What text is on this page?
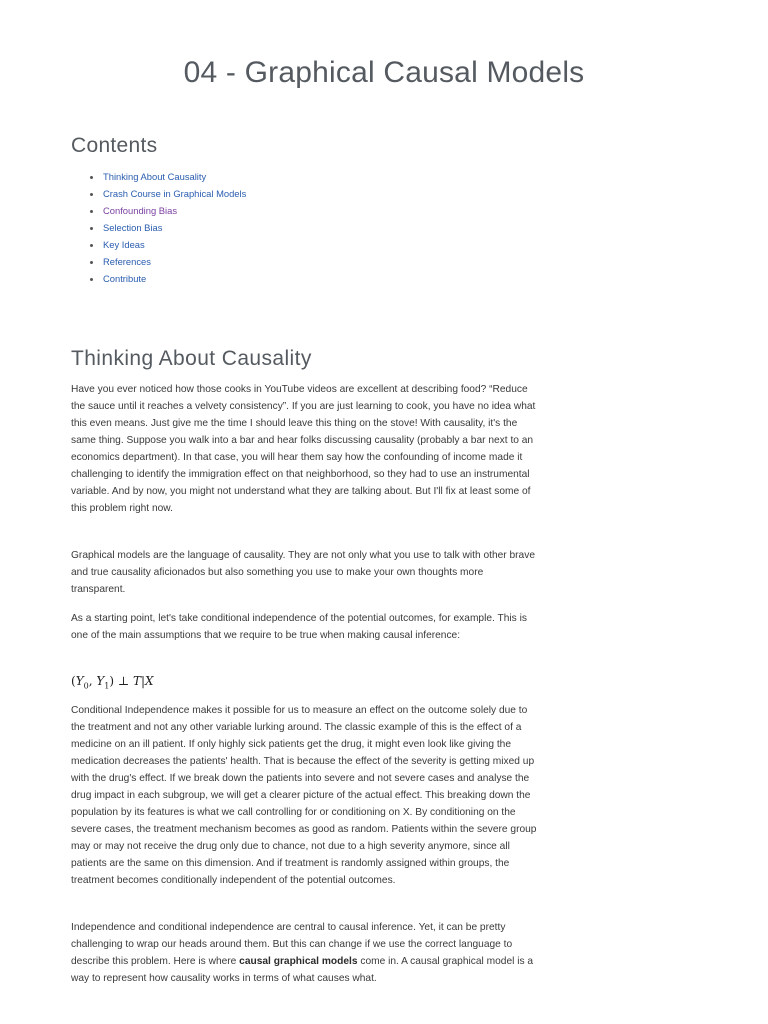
04 - Graphical Causal Models
Contents
Thinking About Causality
Crash Course in Graphical Models
Confounding Bias
Selection Bias
Key Ideas
References
Contribute
Thinking About Causality

Have you ever noticed how those cooks in YouTube videos are excellent at describing food? “Reduce the sauce until it reaches a velvety consistency”. If you are just learning to cook, you have no idea what this even means. Just give me the time I should leave this thing on the stove! With causality, it's the same thing. Suppose you walk into a bar and hear folks discussing causality (probably a bar next to an economics department). In that case, you will hear them say how the confounding of income made it challenging to identify the immigration effect on that neighborhood, so they had to use an instrumental variable. And by now, you might not understand what they are talking about. But I'll fix at least some of this problem right now.

Graphical models are the language of causality. They are not only what you use to talk with other brave and true causality aficionados but also something you use to make your own thoughts more transparent.

As a starting point, let's take conditional independence of the potential outcomes, for example. This is one of the main assumptions that we require to be true when making causal inference:

($Y_0$, $Y_1$) ⊥ T|X

Conditional Independence makes it possible for us to measure an effect on the outcome solely due to the treatment and not any other variable lurking around. The classic example of this is the effect of a medicine on an ill patient. If only highly sick patients get the drug, it might even look like giving the medication decreases the patients' health. That is because the effect of the severity is getting mixed up with the drug's effect. If we break down the patients into severe and not severe cases and analyse the drug impact in each subgroup, we will get a clearer picture of the actual effect. This breaking down the population by its features is what we call controlling for or conditioning on X. By conditioning on the severe cases, the treatment mechanism becomes as good as random. Patients within the severe group may or may not receive the drug only due to chance, not due to a high severity anymore, since all patients are the same on this dimension. And if treatment is randomly assigned within groups, the treatment becomes conditionally independent of the potential outcomes.

Independence and conditional independence are central to causal inference. Yet, it can be pretty challenging to wrap our heads around them. But this can change if we use the correct language to describe this problem. Here is where causal graphical models come in. A causal graphical model is a way to represent how causality works in terms of what causes what.
